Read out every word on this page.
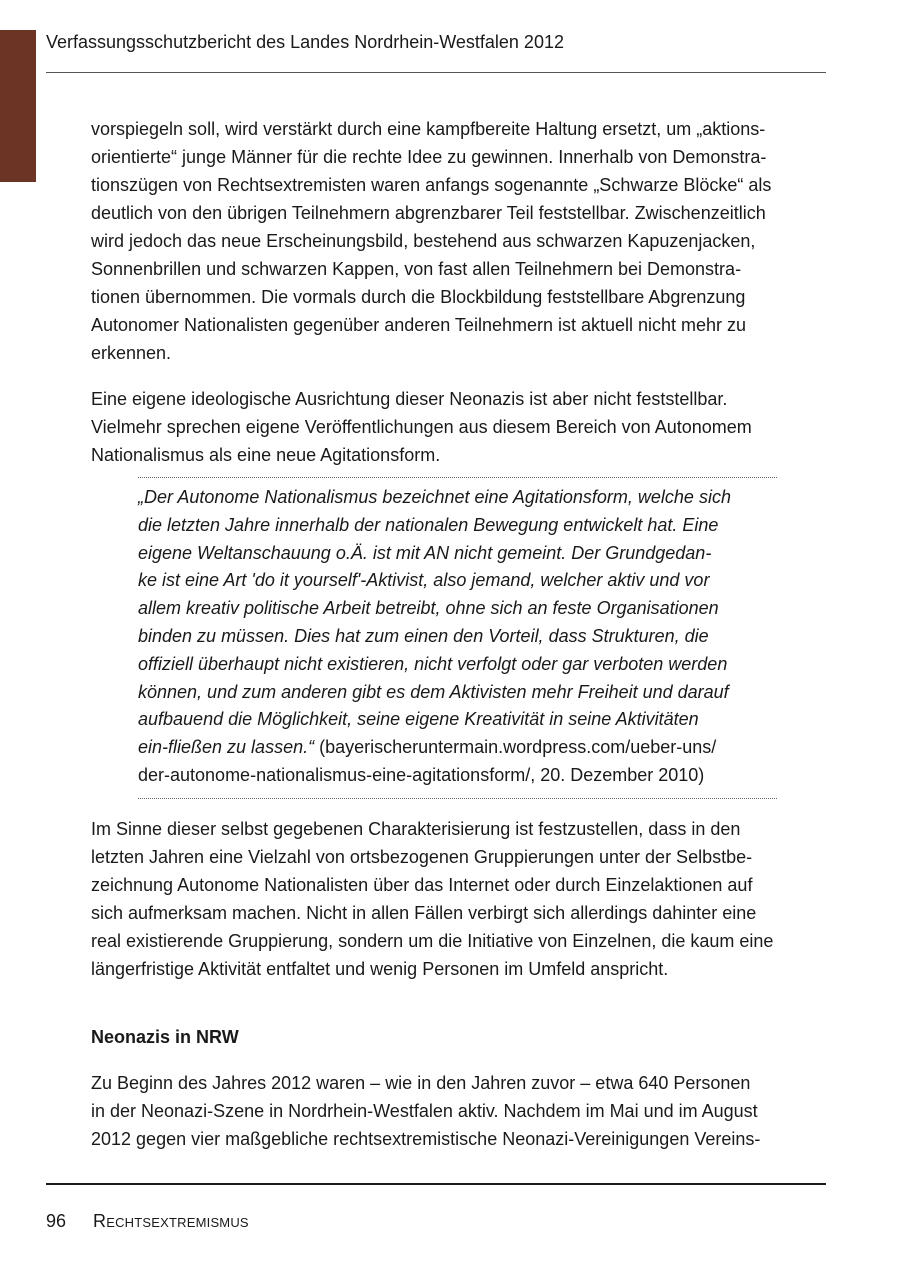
Verfassungsschutzbericht des Landes Nordrhein-Westfalen 2012
vorspiegeln soll, wird verstärkt durch eine kampfbereite Haltung ersetzt, um „aktions-
orientierte“ junge Männer für die rechte Idee zu gewinnen. Innerhalb von Demonstra-
tionszügen von Rechtsextremisten waren anfangs sogenannte „Schwarze Blöcke“ als
deutlich von den übrigen Teilnehmern abgrenzbarer Teil feststellbar. Zwischenzeitlich
wird jedoch das neue Erscheinungsbild, bestehend aus schwarzen Kapuzenjacken,
Sonnenbrillen und schwarzen Kappen, von fast allen Teilnehmern bei Demonstra-
tionen übernommen. Die vormals durch die Blockbildung feststellbare Abgrenzung
Autonomer Nationalisten gegenüber anderen Teilnehmern ist aktuell nicht mehr zu
erkennen.
Eine eigene ideologische Ausrichtung dieser Neonazis ist aber nicht feststellbar.
Vielmehr sprechen eigene Veröffentlichungen aus diesem Bereich von Autonomem
Nationalismus als eine neue Agitationsform.
„Der Autonome Nationalismus bezeichnet eine Agitationsform, welche sich
die letzten Jahre innerhalb der nationalen Bewegung entwickelt hat. Eine
eigene Weltanschauung o.Ä. ist mit AN nicht gemeint. Der Grundgedan-
ke ist eine Art 'do it yourself'-Aktivist, also jemand, welcher aktiv und vor
allem kreativ politische Arbeit betreibt, ohne sich an feste Organisationen
binden zu müssen. Dies hat zum einen den Vorteil, dass Strukturen, die
offiziell überhaupt nicht existieren, nicht verfolgt oder gar verboten werden
können, und zum anderen gibt es dem Aktivisten mehr Freiheit und darauf
aufbauend die Möglichkeit, seine eigene Kreativität in seine Aktivitäten
ein-fließen zu lassen.“ (bayerischeruntermain.wordpress.com/ueber-uns/
der-autonome-nationalismus-eine-agitationsform/, 20. Dezember 2010)
Im Sinne dieser selbst gegebenen Charakterisierung ist festzustellen, dass in den
letzten Jahren eine Vielzahl von ortsbezogenen Gruppierungen unter der Selbstbe-
zeichnung Autonome Nationalisten über das Internet oder durch Einzelaktionen auf
sich aufmerksam machen. Nicht in allen Fällen verbirgt sich allerdings dahinter eine
real existierende Gruppierung, sondern um die Initiative von Einzelnen, die kaum eine
längerfristige Aktivität entfaltet und wenig Personen im Umfeld anspricht.
Neonazis in NRW
Zu Beginn des Jahres 2012 waren – wie in den Jahren zuvor – etwa 640 Personen
in der Neonazi-Szene in Nordrhein-Westfalen aktiv. Nachdem im Mai und im August
2012 gegen vier maßgebliche rechtsextremistische Neonazi-Vereinigungen Vereins-
96 Rechtsextremismus
